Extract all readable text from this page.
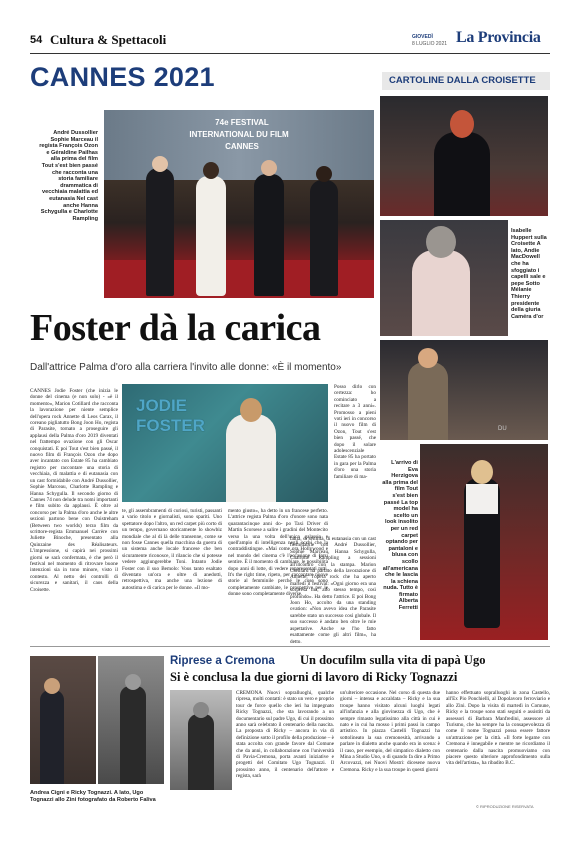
54 Cultura & Spettacoli	GIOVEDÌ
8 LUGLIO 2021 La Provincia
CANNES 2021	CARTOLINE DALLA CROISETTE
74e FESTIVAL
INTERNATIONAL DU FILM
CANNES
André Dussollier Sophie Marceau il regista François Ozon e Géraldine Pailhas alla prima del film Tout s'est bien passé che racconta una storia familiare drammatica di vecchiaia malattia ed eutanasia Nel cast anche Hanna Schygulla e Charlotte Rampling
Foster dà la carica
Dall'attrice Palma d'oro alla carriera l'invito alle donne: «È il momento»
CANNES Jodie Foster (che inizia le donne del cinema (e non solo) - «è il momento», Marion Cotillard che racconta la lavorazione per niente semplice dell'opera rock Annette di Leos Carax, il coreano pigliatutto Bong Joon Ho, regista di Parasite, tornato a proseguire gli applausi della Palma d'oro 2019 diventati nel frattempo ovazione con gli Oscar conquistati. E poi Tout s'est bien passé, il nuovo film di François Ozon che dopo aver incantato con Estate 85 ha cambiato registro per raccontare una storia di vecchiaia, di malattia e di eutanasia con un cast formidabile con André Dussollier, Sophie Marceau, Charlotte Rampling e Hanna Schygulla. Il secondo giorno di Cannes 74 non delude tra nomi importanti e film subito da applausi. È oltre al concorso per la Palma d'oro anche le altre sezioni partono bene con Ouistreham (Between two worlds) terzo film da scrittore-regista Emmanuel Carrère con Juliette Binoche, presentato alla Quinzaine des Réalisateurs. L'impressione, si capirà nei prossimi giorni se sarà confermata, è che però il festival nel momento di ritrovare buone intenzioni sia in tono minore, visto il contesto. Al netto dei controlli di sicurezza e sanitari, il caos della Croisette.
JODIE FOSTER
te, gli assembramenti di curiosi, turisti, passanti a vario titolo e giornalisti, sono spariti. Uno spettatore dopo l'altro, un red carpet più corto di un tempo, governano storicamente lo showbiz mondiale che al di là delle transenne, come se non fosse Cannes quella macchina da guerra di un sistema anche locale francese che ben sicuramente riconosce, il rilancio che si potesse vedere aggiungerebbe Toni. Intanto Jodie Foster con il suo Bemolo: Vous tanto esaltato diventato un'ora e oltre di anedotti, retrospettiva, ma anche una lezione di autostima e di carica per le donne. «Il mo-
mento giusto», ha detto in un francese perfetto. L'attrice regista Palma d'oro d'onore sono nata quarantacinque anni do- po Taxi Driver di Martin Scorsese a salire i gradini del Montecito verso la una volta dell'unica galassia e quell'ampio di intelligenza negli occhi che la contraddistingue. «Mai come ora Hollywood e nel mondo del cinema c'è l'occasione di farsi sentire. È il momento di cambiare, le possibilità dopo anni di lotte, di vedere rappresentati tutti. It's the right time, ripeto, per raccontare nuove storie al femminile perché le cose sono completamente cambiate, le prospettive per le donne sono completamente diverse.
Posso dirlo con certezza: ho cominciato a recitare a 3 anni». Promosso a pieni voti ieri in concorso il nuovo film di Ozon, Tout s'est bien passé, che dopo il solare adolescenziale Estate 85 ha portato in gara per la Palma d'oro una storia familiare di ma-
lattia, di senilità, di eutanasia con un cast formidabile con André Dussollier, Sophie Marceau, Hanna Schygulla, Charlotte Rampling a sessioni all'incontro con la stampa. Marion Cotillard ha parlato della lavorazione di Annette, l'opera rock che ha aperto martedì il festival: «Ogni giorno era una sorpresa ma, allo stesso tempo, così profondo». Ha detto l'attrice. E poi Bong Joon Ho, accolto da una standing ovation: «Non avevo idea che Parasite sarebbe stato un successo così globale. Il suo successo è andato ben oltre le mie aspettative. Anche se l'ho fatto esattamente come gli altri film», ha detto.
Isabelle Huppert sulla Croisette A lato, Andie MacDowell che ha sfoggiato i capelli sale e pepe Sotto Mélanie Thierry presidente della giuria Caméra d'or
DU
L'arrivo di Eva Herzigova alla prima del film Tout s'est bien passé La top model ha scelto un look insolito per un red carpet optando per pantaloni e blusa con scollo all'americana che le lascia la schiena nuda. Tutto è firmato Alberta Ferretti
Andrea Cigni e Ricky Tognazzi. A lato, Ugo Tognazzi allo Zini fotografato da Roberto Faliva
Riprese a Cremona Un docufilm sulla vita di papà Ugo
Si è conclusa la due giorni di lavoro di Ricky Tognazzi
CREMONA Nuovi sopralluoghi, qualche ripresa, molti contatti: è stato un vero e proprio tour de force quello che ieri ha impegnato Ricky Tognazzi, che sta lavorando a un documentario sul padre Ugo, di cui il prossimo anno sarà celebrato il centenario della nascita. La proposta di Ricky – ancora in via di definizione sotto il profilo della produzione – è stata accolta con grande favore dal Comune che da anni, in collaborazione con l'università di Pavia-Cremona, porta avanti iniziative e progetti del Comitato Ugo Tognazzi. Il prossimo anno, il centenario dell'attore e regista, sarà
un'ulteriore occasione. Nel corso di questa due giorni – intensa e accaldata – Ricky e la sua troupe hanno visitato alcuni luoghi legati all'infanzia e alla giovinezza di Ugo, che è sempre rimasto legatissimo alla città in cui è nato e in cui ha mosso i primi passi in campo artistico. In piazza Castelli Tognazzi ha sottolineato la sua cremonesità, arrivando a parlare in dialetto anche quando era in scena: è il caso, per esempio, del simpatico dialetto con Mina a Studio Uno, o di quando fa dire a Primo Arcovazzi, nei Nuovi Mostri: dicesene nuova Cremona. Ricky e la sua troupe in questi giorni
hanno effettuato sopralluoghi in zona Castello, all'Ex Pio Ponchielli, al Dopolavoro ferroviario e allo Zini. Dopo la visita di martedì in Comune, Ricky e la troupe sono stati seguiti e assistiti da assessori di Barbara Manfredini, assessore al Turismo, che ha sempre ha la consapevolezza di come il nome Tognazzi possa essere fattore un'attrazione per la città. «Il forte legame con Cremona è innegabile e mentre ne ricordiamo il centenario dalla nascita promuoviamo con piacere questo ulteriore approfondimento sulla vita dell'artista», ha ribadito B.C.
© RIPRODUZIONE RISERVATA
